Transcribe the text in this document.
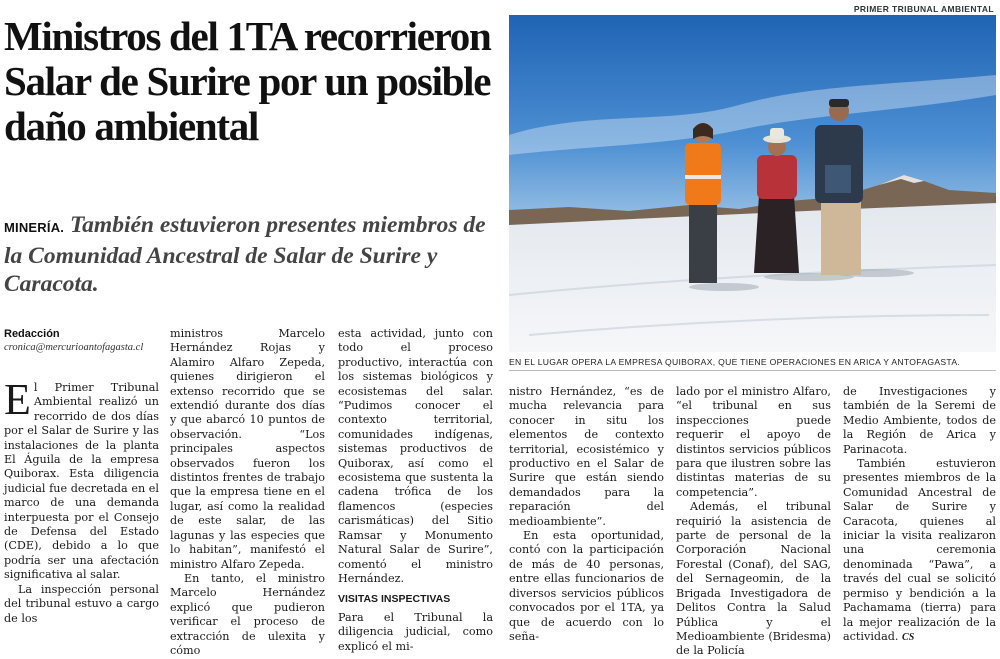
PRIMER TRIBUNAL AMBIENTAL
Ministros del 1TA recorrieron Salar de Surire por un posible daño ambiental

MINERÍA. También estuvieron presentes miembros de la Comunidad Ancestral de Salar de Surire y Caracota.

Redacción
cronica@mercurioantofagasta.cl
EN EL LUGAR OPERA LA EMPRESA QUIBORAX, QUE TIENE OPERACIONES EN ARICA Y ANTOFAGASTA.

El Primer Tribunal Ambiental realizó un recorrido de dos días por el Salar de Surire y las instalaciones de la planta El Águila de la empresa Quiborax. Esta diligencia judicial fue decretada en el marco de una demanda interpuesta por el Consejo de Defensa del Estado (CDE), debido a lo que podría ser una afectación significativa al salar.

La inspección personal del tribunal estuvo a cargo de los

ministros Marcelo Hernández Rojas y Alamiro Alfaro Zepeda, quienes dirigieron el extenso recorrido que se extendió durante dos días y que abarcó 10 puntos de observación. “Los principales aspectos observados fueron los distintos frentes de trabajo que la empresa tiene en el lugar, así como la realidad de este salar, de las lagunas y las especies que lo habitan”, manifestó el ministro Alfaro Zepeda.

En tanto, el ministro Marcelo Hernández explicó que pudieron verificar el proceso de extracción de ulexita y cómo

esta actividad, junto con todo el proceso productivo, interactúa con los sistemas biológicos y ecosistemas del salar. “Pudimos conocer el contexto territorial, comunidades indígenas, sistemas productivos de Quiborax, así como el ecosistema que sustenta la cadena trófica de los flamencos (especies carismáticas) del Sitio Ramsar y Monumento Natural Salar de Surire”, comentó el ministro Hernández.

VISITAS INSPECTIVAS

Para el Tribunal la diligencia judicial, como explicó el mi-

nistro Hernández, “es de mucha relevancia para conocer in situ los elementos de contexto territorial, ecosistémico y productivo en el Salar de Surire que están siendo demandados para la reparación del medioambiente”.

En esta oportunidad, contó con la participación de más de 40 personas, entre ellas funcionarios de diversos servicios públicos convocados por el 1TA, ya que de acuerdo con lo seña-

lado por el ministro Alfaro, “el tribunal en sus inspecciones puede requerir el apoyo de distintos servicios públicos para que ilustren sobre las distintas materias de su competencia”.

Además, el tribunal requirió la asistencia de parte de personal de la Corporación Nacional Forestal (Conaf), del SAG, del Sernageomin, de la Brigada Investigadora de Delitos Contra la Salud Pública y el Medioambiente (Bridesma) de la Policía

de Investigaciones y también de la Seremi de Medio Ambiente, todos de la Región de Arica y Parinacota.

También estuvieron presentes miembros de la Comunidad Ancestral de Salar de Surire y Caracota, quienes al iniciar la visita realizaron una ceremonia denominada “Pawa”, a través del cual se solicitó permiso y bendición a la Pachamama (tierra) para la mejor realización de la actividad. CS
